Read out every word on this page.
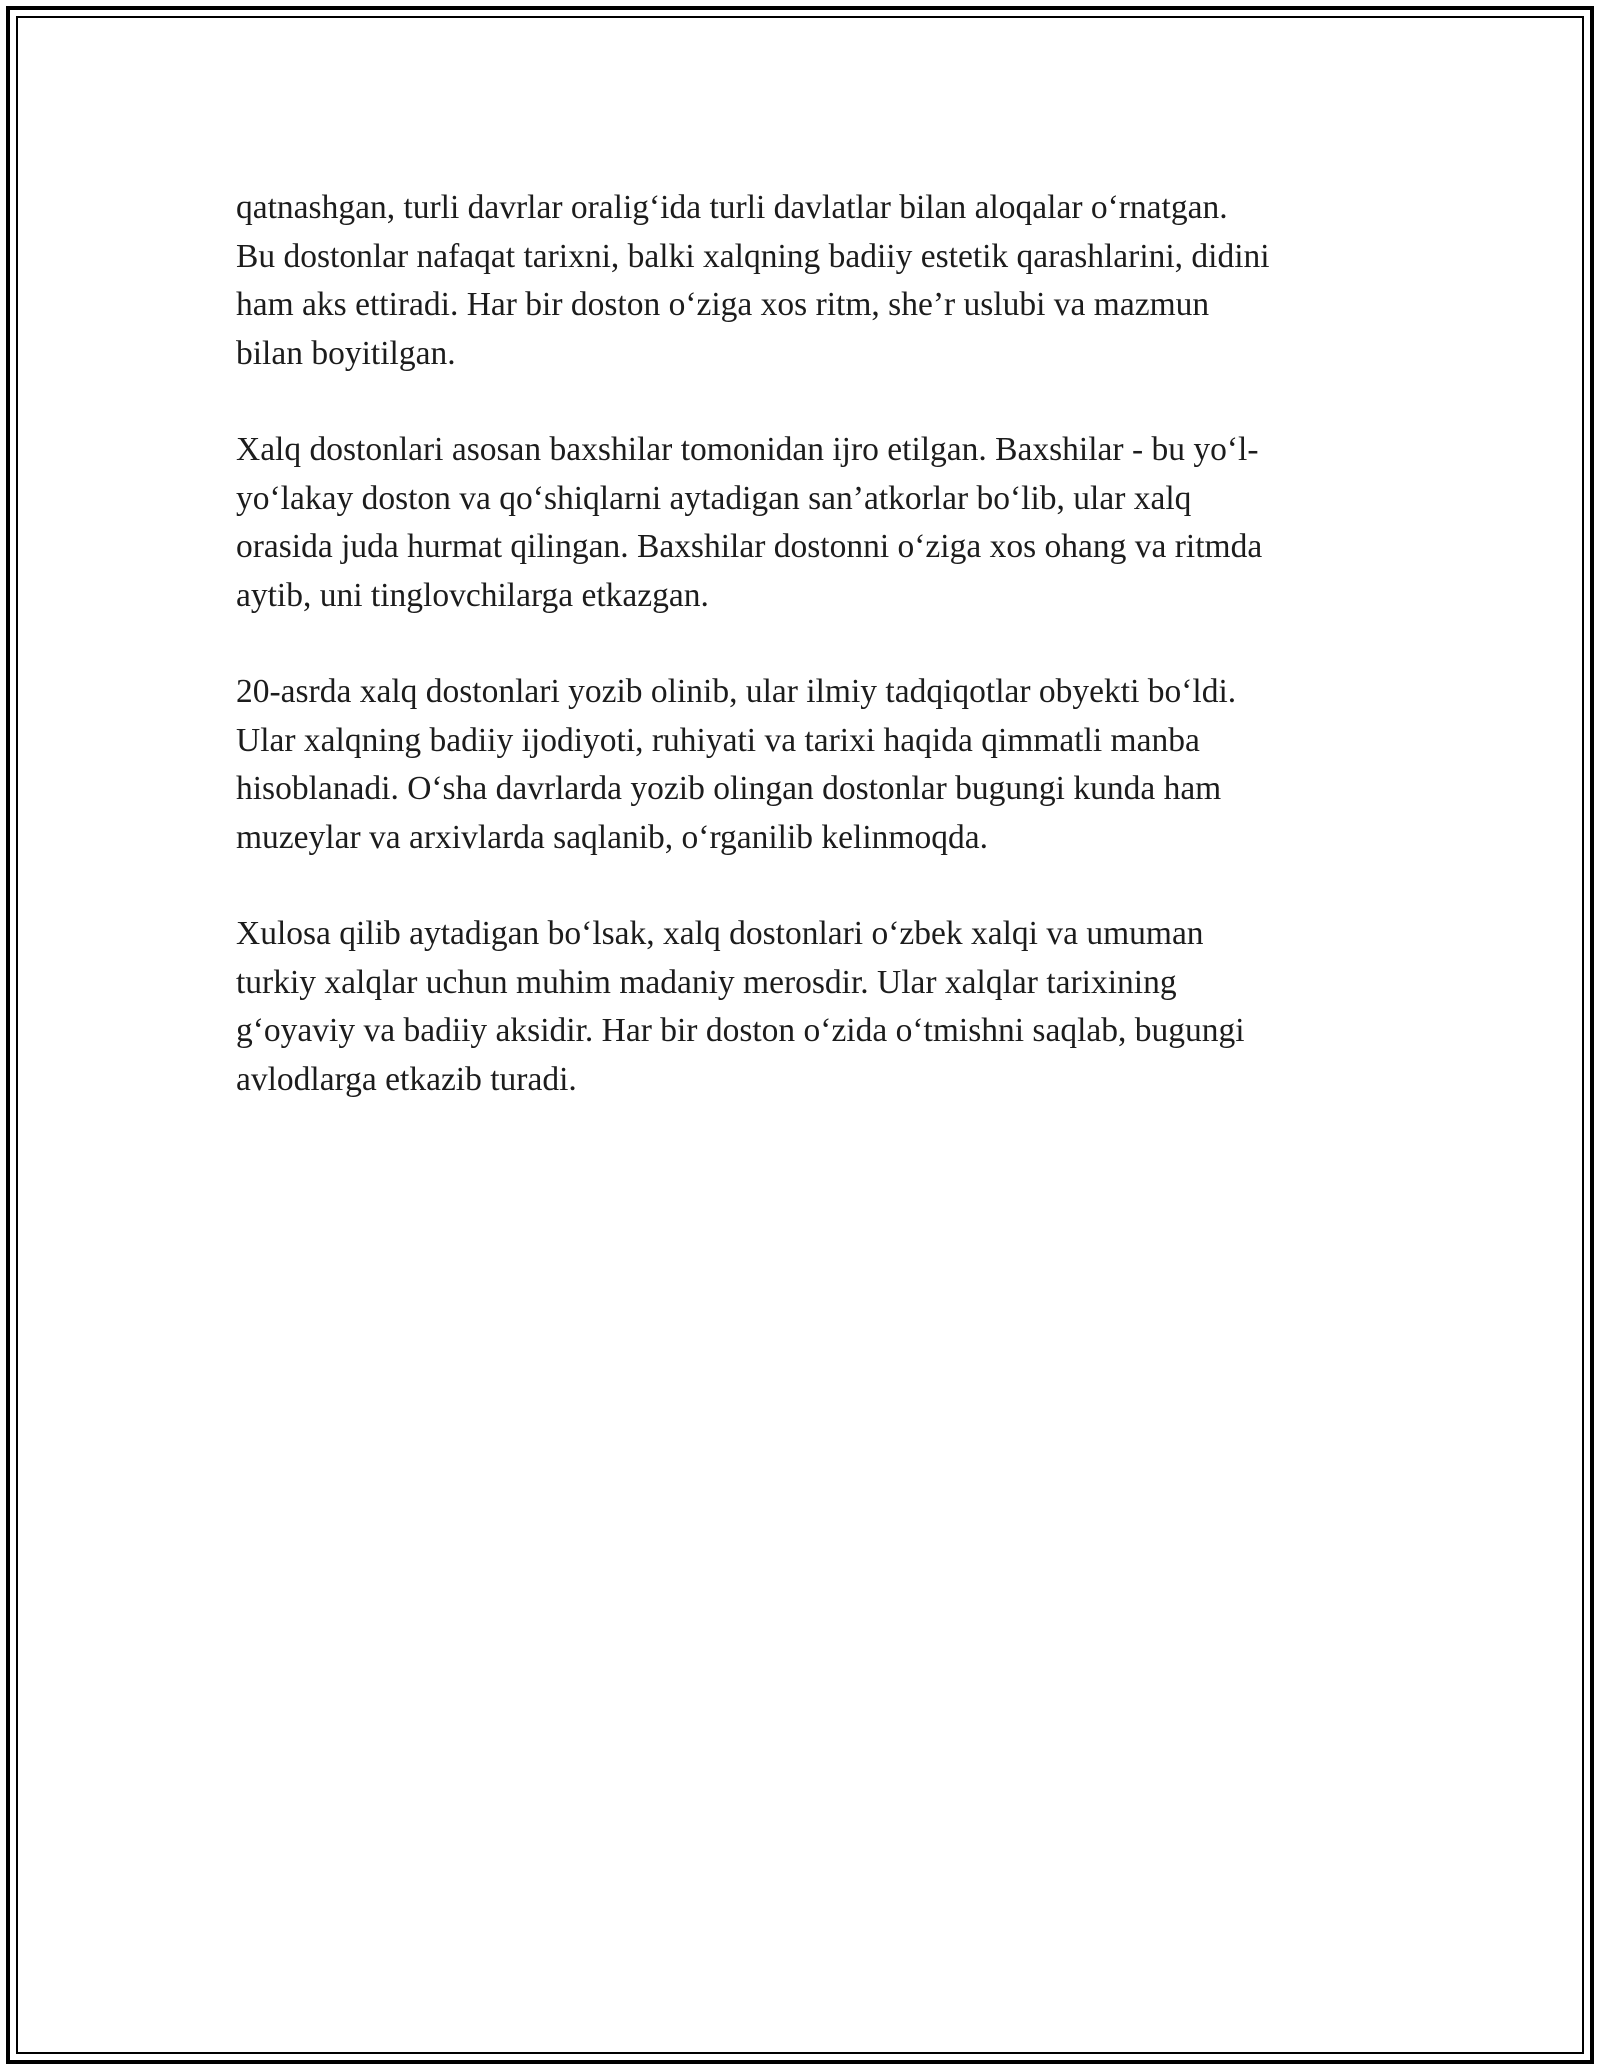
qatnashgan, turli davrlar oralig‘ida turli davlatlar bilan aloqalar o‘rnatgan.
Bu dostonlar nafaqat tarixni, balki xalqning badiiy estetik qarashlarini, didini
ham aks ettiradi. Har bir doston o‘ziga xos ritm, she’r uslubi va mazmun
bilan boyitilgan.

Xalq dostonlari asosan baxshilar tomonidan ijro etilgan. Baxshilar - bu yo‘l-
yo‘lakay doston va qo‘shiqlarni aytadigan san’atkorlar bo‘lib, ular xalq
orasida juda hurmat qilingan. Baxshilar dostonni o‘ziga xos ohang va ritmda
aytib, uni tinglovchilarga etkazgan.

20-asrda xalq dostonlari yozib olinib, ular ilmiy tadqiqotlar obyekti bo‘ldi.
Ular xalqning badiiy ijodiyoti, ruhiyati va tarixi haqida qimmatli manba
hisoblanadi. O‘sha davrlarda yozib olingan dostonlar bugungi kunda ham
muzeylar va arxivlarda saqlanib, o‘rganilib kelinmoqda.

Xulosa qilib aytadigan bo‘lsak, xalq dostonlari o‘zbek xalqi va umuman
turkiy xalqlar uchun muhim madaniy merosdir. Ular xalqlar tarixining
g‘oyaviy va badiiy aksidir. Har bir doston o‘zida o‘tmishni saqlab, bugungi
avlodlarga etkazib turadi.
